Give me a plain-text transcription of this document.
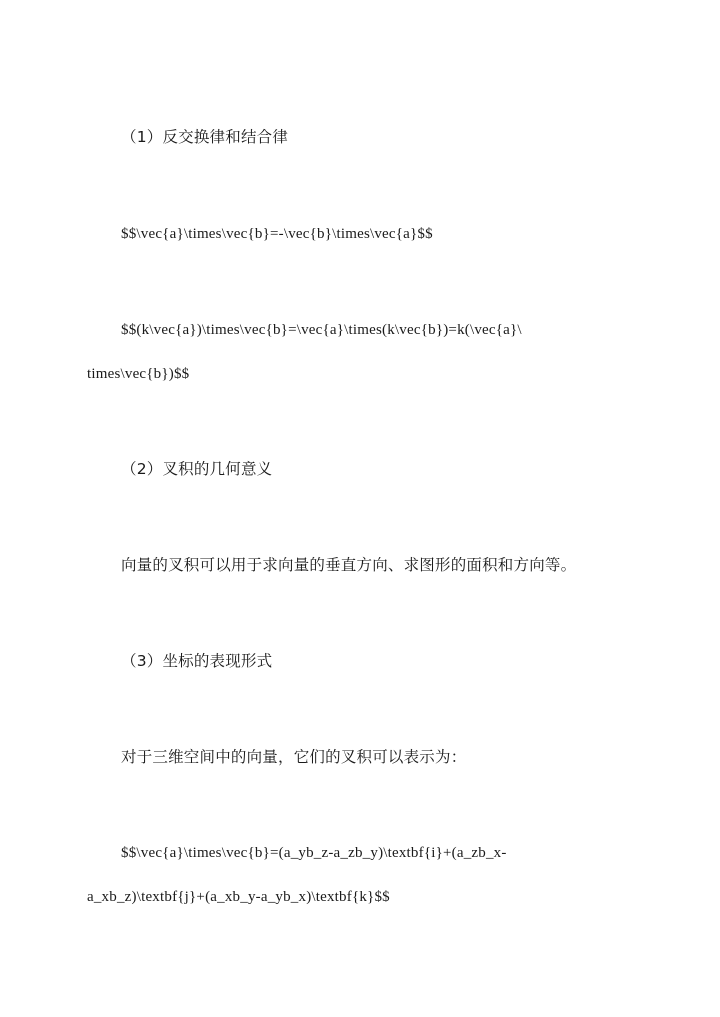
（1）反交换律和结合律
$$\vec{a}\times\vec{b}=-\vec{b}\times\vec{a}$$
$$(k\vec{a})\times\vec{b}=\vec{a}\times(k\vec{b})=k(\vec{a}\
times\vec{b})$$
（2）叉积的几何意义
向量的叉积可以用于求向量的垂直方向、求图形的面积和方向等。
（3）坐标的表现形式
对于三维空间中的向量，它们的叉积可以表示为：
$$\vec{a}\times\vec{b}=(a_yb_z-a_zb_y)\textbf{i}+(a_zb_x-
a_xb_z)\textbf{j}+(a_xb_y-a_yb_x)\textbf{k}$$
